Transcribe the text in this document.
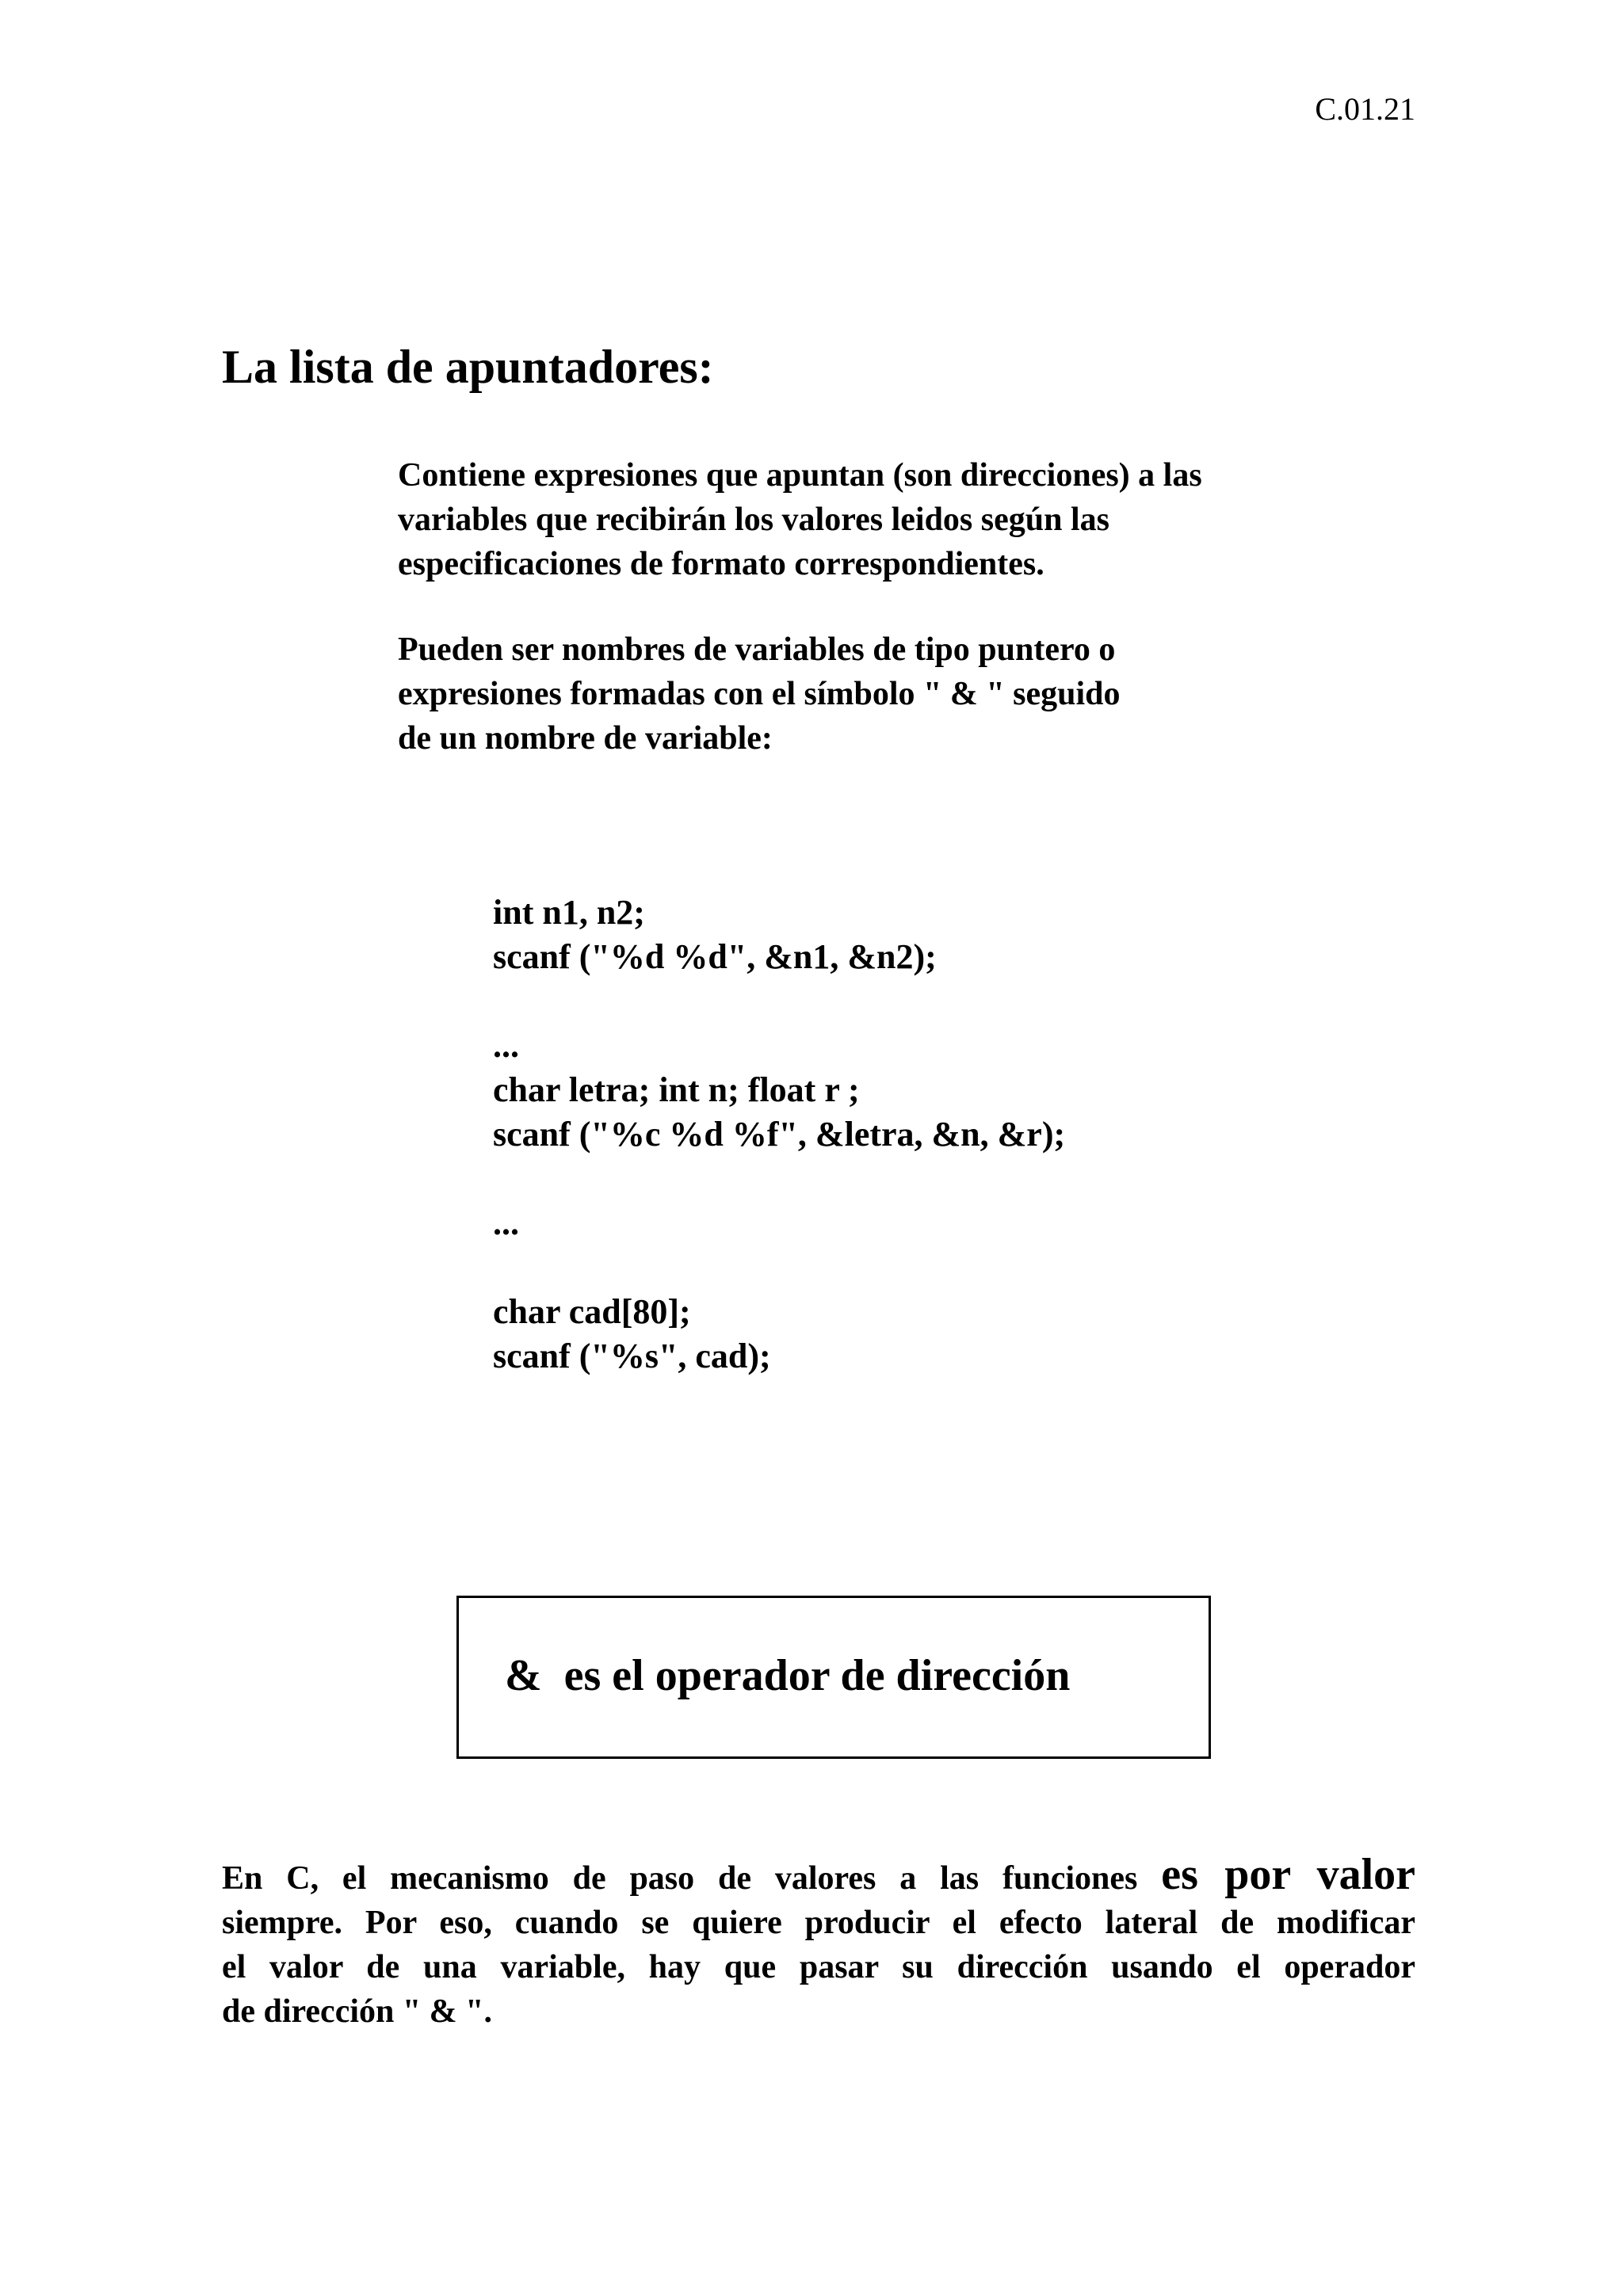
C.01.21
La lista de apuntadores:
Contiene expresiones que apuntan (son direcciones) a las
variables que recibirán los valores leidos según las
especificaciones de formato correspondientes.
Pueden ser nombres de variables de tipo puntero o
expresiones formadas con el símbolo " & " seguido
de un nombre de variable:
int n1, n2;
scanf ("%d %d", &n1, &n2);
...
char letra; int n; float r ;
scanf ("%c %d %f", &letra, &n, &r);
...
char cad[80];
scanf ("%s", cad);
&  es el operador de dirección
En C, el mecanismo de paso de valores a las funciones es por valor
siempre. Por eso, cuando se quiere producir el efecto lateral de modificar
el valor de una variable, hay que pasar su dirección usando el operador
de dirección " & ".
